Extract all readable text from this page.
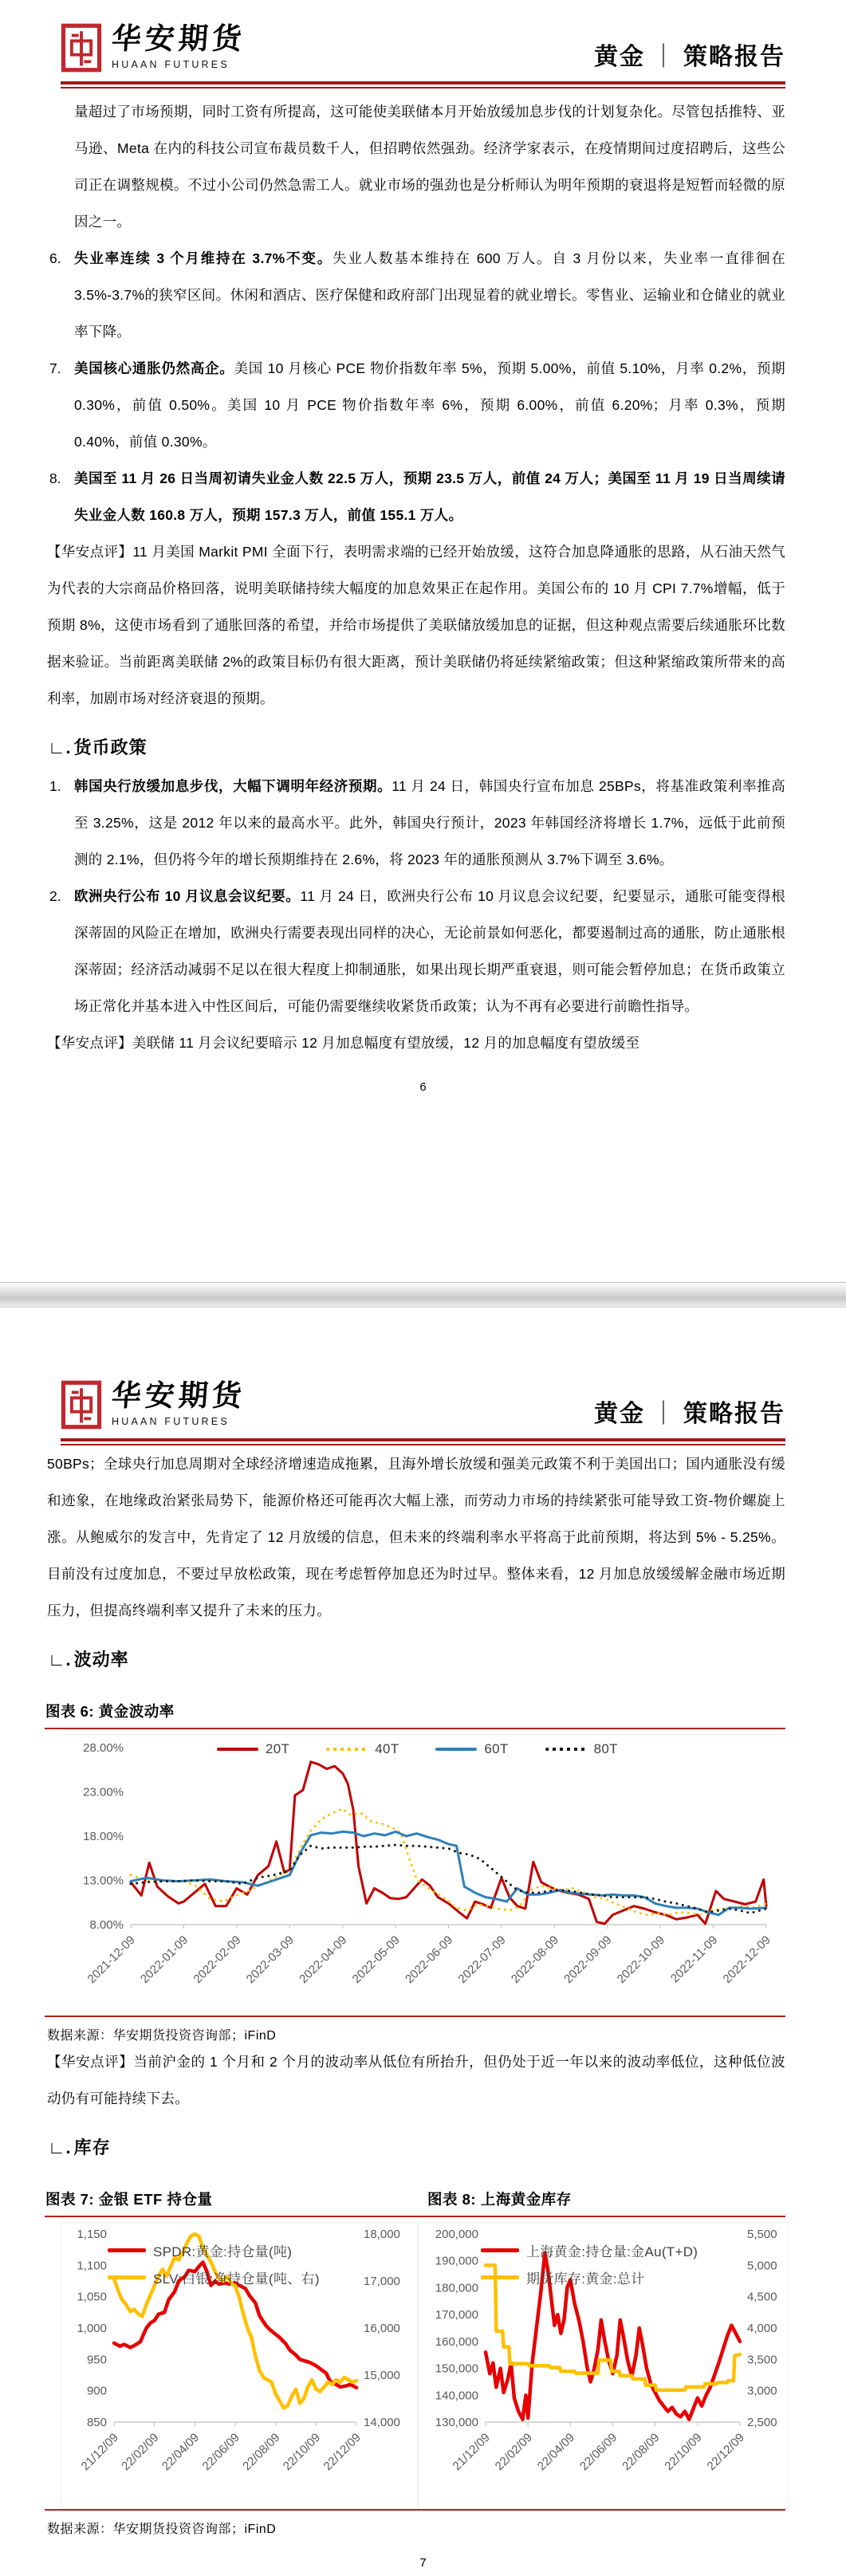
华安期货
HUAAN FUTURES	黄金 ｜ 策略报告

量超过了市场预期，同时工资有所提高，这可能使美联储本月开始放缓加息步伐的计划复杂化。尽管包括推特、亚马逊、Meta 在内的科技公司宣布裁员数千人，但招聘依然强劲。经济学家表示，在疫情期间过度招聘后，这些公司正在调整规模。不过小公司仍然急需工人。就业市场的强劲也是分析师认为明年预期的衰退将是短暂而轻微的原因之一。

6. 失业率连续 3 个月维持在 3.7%不变。失业人数基本维持在 600 万人。自 3 月份以来，失业率一直徘徊在 3.5%-3.7%的狭窄区间。休闲和酒店、医疗保健和政府部门出现显着的就业增长。零售业、运输业和仓储业的就业率下降。

7. 美国核心通胀仍然高企。美国 10 月核心 PCE 物价指数年率 5%，预期 5.00%，前值 5.10%，月率 0.2%，预期 0.30%，前值 0.50%。美国 10 月 PCE 物价指数年率 6%，预期 6.00%，前值 6.20%；月率 0.3%，预期 0.40%，前值 0.30%。

8. 美国至 11 月 26 日当周初请失业金人数 22.5 万人，预期 23.5 万人，前值 24 万人；美国至 11 月 19 日当周续请失业金人数 160.8 万人，预期 157.3 万人，前值 155.1 万人。

【华安点评】11 月美国 Markit PMI 全面下行，表明需求端的已经开始放缓，这符合加息降通胀的思路，从石油天然气为代表的大宗商品价格回落，说明美联储持续大幅度的加息效果正在起作用。美国公布的 10 月 CPI 7.7%增幅，低于预期 8%，这使市场看到了通胀回落的希望，并给市场提供了美联储放缓加息的证据，但这种观点需要后续通胀环比数据来验证。当前距离美联储 2%的政策目标仍有很大距离，预计美联储仍将延续紧缩政策；但这种紧缩政策所带来的高利率，加剧市场对经济衰退的预期。

∟. 货币政策
1. 韩国央行放缓加息步伐，大幅下调明年经济预期。11 月 24 日，韩国央行宣布加息 25BPs，将基准政策利率推高至 3.25%，这是 2012 年以来的最高水平。此外，韩国央行预计，2023 年韩国经济将增长 1.7%，远低于此前预测的 2.1%，但仍将今年的增长预期维持在 2.6%，将 2023 年的通胀预测从 3.7%下调至 3.6%。

2. 欧洲央行公布 10 月议息会议纪要。11 月 24 日，欧洲央行公布 10 月议息会议纪要，纪要显示，通胀可能变得根深蒂固的风险正在增加，欧洲央行需要表现出同样的决心，无论前景如何恶化，都要遏制过高的通胀，防止通胀根深蒂固；经济活动减弱不足以在很大程度上抑制通胀，如果出现长期严重衰退，则可能会暂停加息；在货币政策立场正常化并基本进入中性区间后，可能仍需要继续收紧货币政策；认为不再有必要进行前瞻性指导。

【华安点评】美联储 11 月会议纪要暗示 12 月加息幅度有望放缓，12 月的加息幅度有望放缓至

6
华安期货
HUAAN FUTURES	黄金 ｜ 策略报告

50BPs；全球央行加息周期对全球经济增速造成拖累，且海外增长放缓和强美元政策不利于美国出口；国内通胀没有缓和迹象，在地缘政治紧张局势下，能源价格还可能再次大幅上涨，而劳动力市场的持续紧张可能导致工资-物价螺旋上涨。从鲍威尔的发言中，先肯定了 12 月放缓的信息，但未来的终端利率水平将高于此前预期，将达到 5% - 5.25%。目前没有过度加息，不要过早放松政策，现在考虑暂停加息还为时过早。整体来看，12 月加息放缓缓解金融市场近期压力，但提高终端利率又提升了未来的压力。

∟. 波动率
图表 6: 黄金波动率
2021-12-09 2022-01-09 2022-02-09 2022-03-09 2022-04-09 2022-05-09 2022-06-09 2022-07-09 2022-08-09 2022-09-09 2022-10-09 2022-11-09 2022-12-09
28.00%
23.00%
18.00%
13.00%
8.00%
20T	40T	60T	80T

数据来源：华安期货投资咨询部；iFinD

【华安点评】当前沪金的 1 个月和 2 个月的波动率从低位有所抬升，但仍处于近一年以来的波动率低位，这种低位波动仍有可能持续下去。

∟. 库存
图表 7: 金银 ETF 持仓量	图表 8: 上海黄金库存
21/12/09
22/02/09
22/04/09
22/06/09
22/08/09
22/10/09
22/12/09
1,150
1,100
1,050
1,000
950
900
850
18,000
17,000
16,000
15,000
14,000
SPDR:黄金:持仓量(吨)
SLV:白银:净持仓量(吨、右)
21/12/09 22/02/09 22/04/09 22/06/09 22/08/09 22/10/09 22/12/09
200,000
190,000
180,000
170,000
160,000
150,000
140,000
130,000
5,500
5,000
4,500
4,000
3,500
3,000
2,500
上海黄金:持仓量:金Au(T+D)
期货库存:黄金:总计

数据来源：华安期货投资咨询部；iFinD

7
